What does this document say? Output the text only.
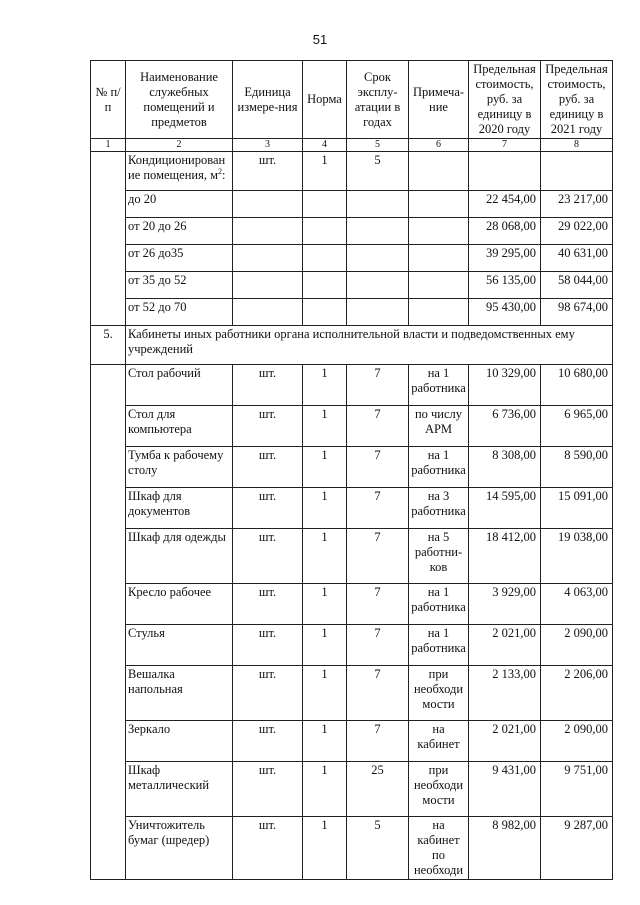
51
№ п/п	Наименование служебных помещений и предметов	Единица измере-ния	Норма	Срок эксплу-атации в годах	Примеча-ние	Предельная стоимость, руб. за единицу в 2020 году	Предельная стоимость, руб. за единицу в 2021 году
1	2	3	4	5	6	7	8
	Кондиционирован ие помещения, $м^2$:	шт.	1	5			
	до 20					22 454,00	23 217,00
	от 20 до 26					28 068,00	29 022,00
	от 26 до35					39 295,00	40 631,00
	от 35 до 52					56 135,00	58 044,00
	от 52 до 70					95 430,00	98 674,00
5.	Кабинеты иных работники органа исполнительной власти и подведомственных ему учреждений						
	Стол рабочий	шт.	1	7	на 1 работника	10 329,00	10 680,00
	Стол для компьютера	шт.	1	7	по числу АРМ	6 736,00	6 965,00
	Тумба к рабочему столу	шт.	1	7	на 1 работника	8 308,00	8 590,00
	Шкаф для документов	шт.	1	7	на 3 работника	14 595,00	15 091,00
	Шкаф для одежды	шт.	1	7	на 5 работни-ков	18 412,00	19 038,00
	Кресло рабочее	шт.	1	7	на 1 работника	3 929,00	4 063,00
	Стулья	шт.	1	7	на 1 работника	2 021,00	2 090,00
	Вешалка напольная	шт.	1	7	при необходи мости	2 133,00	2 206,00
	Зеркало	шт.	1	7	на кабинет	2 021,00	2 090,00
	Шкаф металлический	шт.	1	25	при необходи мости	9 431,00	9 751,00
	Уничтожитель бумаг (шредер)	шт.	1	5	на кабинет по необходи	8 982,00	9 287,00
